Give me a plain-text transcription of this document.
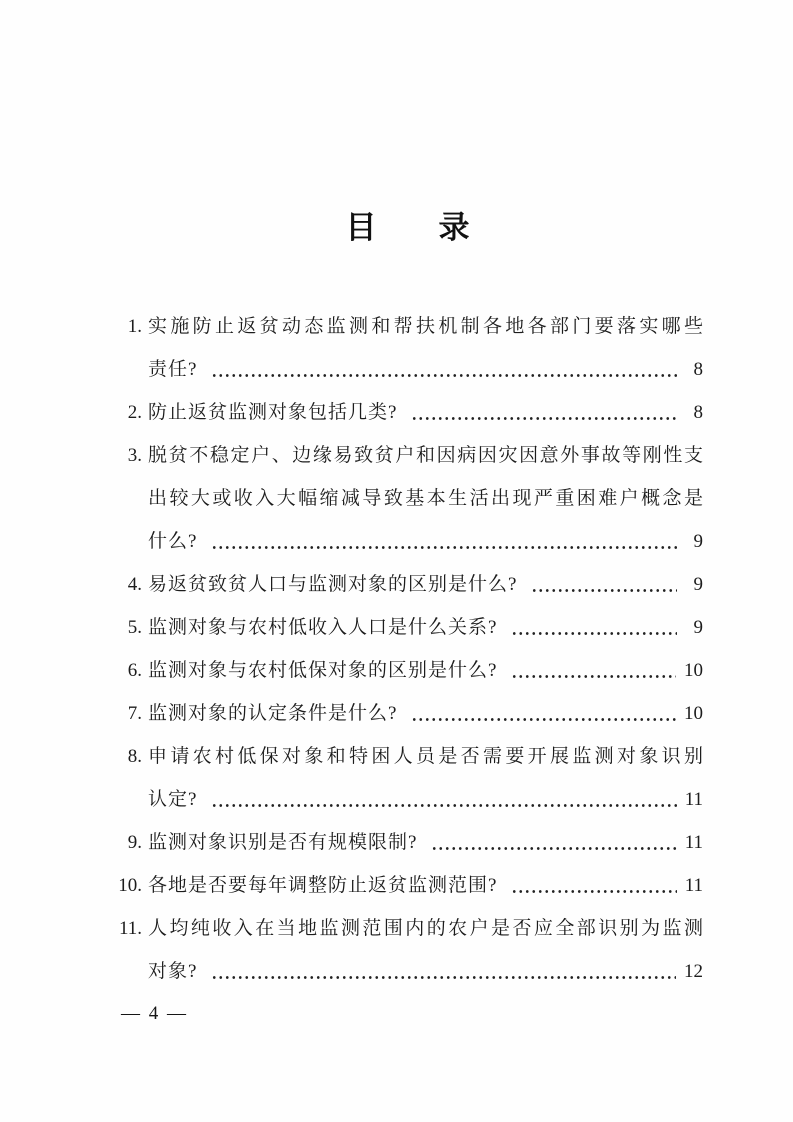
目　　录
1. 实施防止返贫动态监测和帮扶机制各地各部门要落实哪些
责任?	8
2. 防止返贫监测对象包括几类?	8
3. 脱贫不稳定户、边缘易致贫户和因病因灾因意外事故等刚性支
出较大或收入大幅缩减导致基本生活出现严重困难户概念是
什么?	9
4. 易返贫致贫人口与监测对象的区别是什么?	9
5. 监测对象与农村低收入人口是什么关系?	9
6. 监测对象与农村低保对象的区别是什么?	10
7. 监测对象的认定条件是什么?	10
8. 申请农村低保对象和特困人员是否需要开展监测对象识别
认定?	11
9. 监测对象识别是否有规模限制?	11
10. 各地是否要每年调整防止返贫监测范围?	11
11. 人均纯收入在当地监测范围内的农户是否应全部识别为监测
对象?	12
— 4 —
